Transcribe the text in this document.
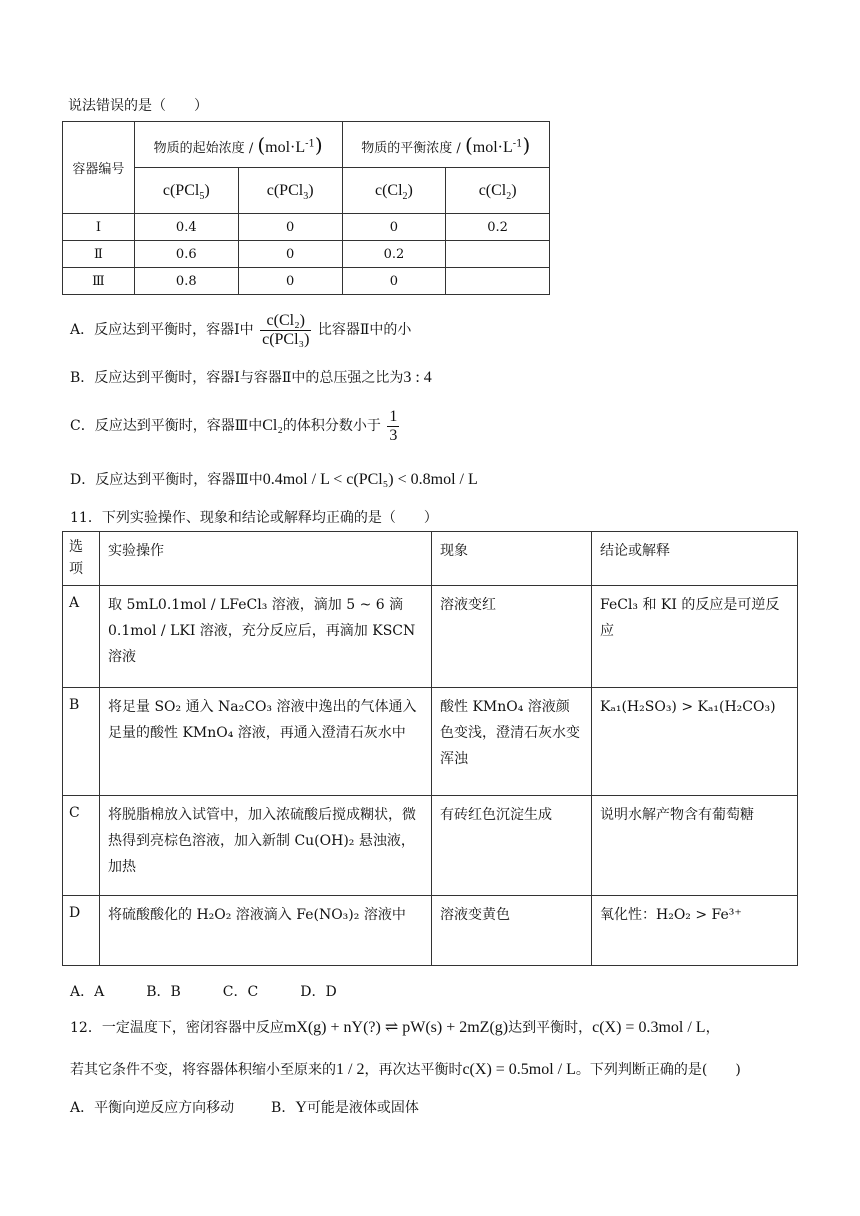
说法错误的是（　　）
容器编号	物质的起始浓度 / $(mol\cdot L^{-1})$		物质的平衡浓度 / $(mol\cdot L^{-1})$	
	c(PCl$_5$)	c(PCl$_3$)	$c(Cl_2)$	$c(Cl_2)$
Ⅰ	0.4	0	0	0.2
Ⅱ	0.6	0	0.2	
Ⅲ	0.8	0	0	
A．反应达到平衡时，容器Ⅰ中 $\frac{\text{c(Cl₂)}}{\text{c(PCl₃)}}$ 比容器Ⅱ中的小
B．反应达到平衡时，容器Ⅰ与容器Ⅱ中的总压强之比为3 : 4
C．反应达到平衡时，容器Ⅲ中Cl₂的体积分数小于 $\frac{1}{3}$
D．反应达到平衡时，容器Ⅲ中0.4mol / L < c(PCl₅) < 0.8mol / L
11．下列实验操作、现象和结论或解释均正确的是（　　）
选项	实验操作	现象	结论或解释
A	取 5mL0.1mol / LFeCl₃ 溶液，滴加 5 ~ 6 滴 0.1mol / LKI 溶液，充分反应后，再滴加 KSCN 溶液	溶液变红	FeCl₃ 和 KI 的反应是可逆反应
B	将足量 SO₂ 通入 Na₂CO₃ 溶液中逸出的气体通入足量的酸性 KMnO₄ 溶液，再通入澄清石灰水中	酸性 KMnO₄ 溶液颜色变浅，澄清石灰水变浑浊	Kₐ₁(H₂SO₃) > Kₐ₁(H₂CO₃)
C	将脱脂棉放入试管中，加入浓硫酸后搅成糊状，微热得到亮棕色溶液，加入新制 Cu(OH)₂ 悬浊液，加热	有砖红色沉淀生成	说明水解产物含有葡萄糖
D	将硫酸酸化的 H₂O₂ 溶液滴入 Fe(NO₃)₂ 溶液中	溶液变黄色	氧化性：H₂O₂ > Fe³⁺
A．A　　　B．B　　　C．C　　　D．D
12．一定温度下，密闭容器中反应mX(g) + nY(?) ⇌ pW(s) + 2mZ(g)达到平衡时，c(X) = 0.3mol / L，
若其它条件不变，将容器体积缩小至原来的1 / 2，再次达平衡时c(X) = 0.5mol / L。下列判断正确的是(　　)
A．平衡向逆反应方向移动	B．Y可能是液体或固体
